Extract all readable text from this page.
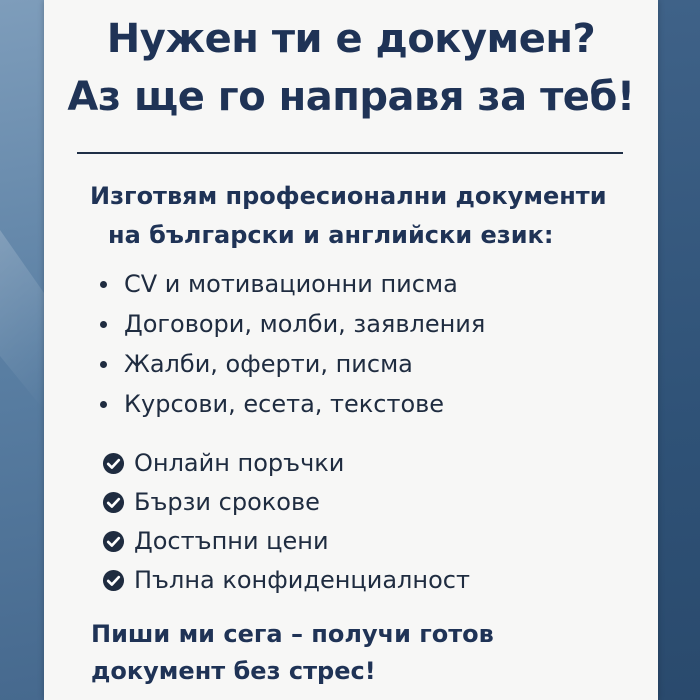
Нужен ти е докумен?
Аз ще го направя за теб!
Изготвям професионални документи
на български и английски език:
CV и мотивационни писма
Договори, молби, заявления
Жалби, оферти, писма
Курсови, есета, текстове
Онлайн поръчки
Бързи срокове
Достъпни цени
Пълна конфиденциалност
Пиши ми сега – получи готов
документ без стрес!
